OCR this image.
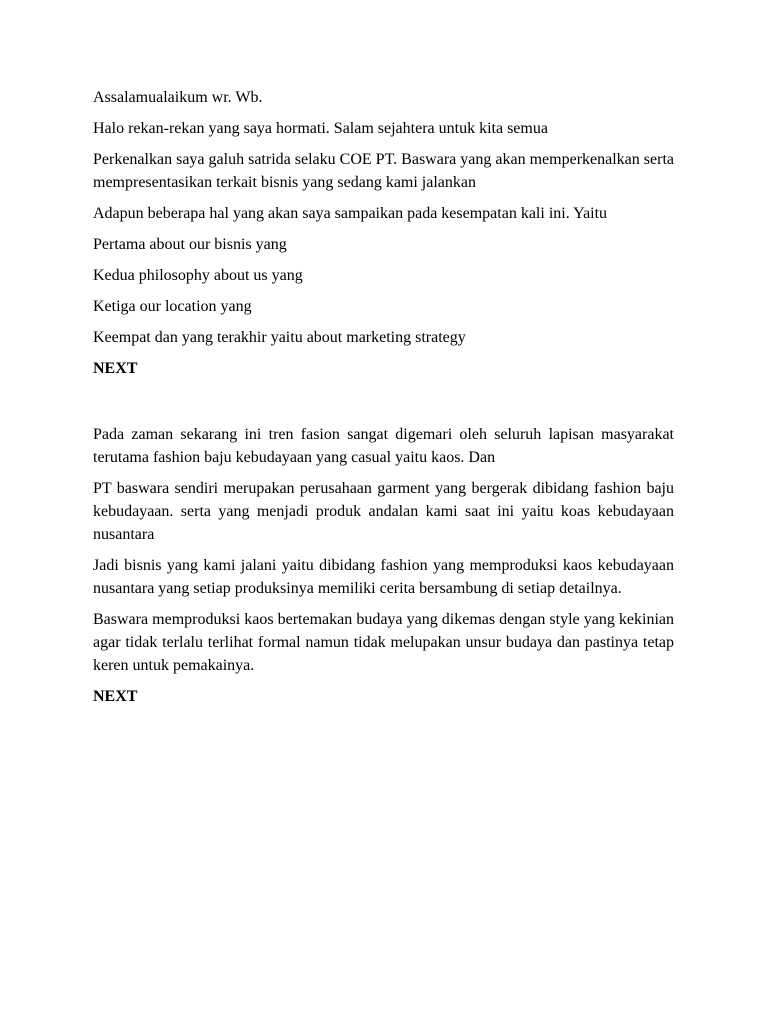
Assalamualaikum wr. Wb.

Halo rekan-rekan yang saya hormati. Salam sejahtera untuk kita semua

Perkenalkan saya galuh satrida selaku COE PT. Baswara yang akan memperkenalkan serta mempresentasikan terkait bisnis yang sedang kami jalankan

Adapun beberapa hal yang akan saya sampaikan pada kesempatan kali ini. Yaitu

Pertama about our bisnis yang

Kedua philosophy about us yang

Ketiga our location yang

Keempat dan yang terakhir yaitu about marketing strategy

NEXT

Pada zaman sekarang ini tren fasion sangat digemari oleh seluruh lapisan masyarakat terutama fashion baju kebudayaan yang casual yaitu kaos. Dan

PT baswara sendiri merupakan perusahaan garment yang bergerak dibidang fashion baju kebudayaan. serta yang menjadi produk andalan kami saat ini yaitu koas kebudayaan nusantara

Jadi bisnis yang kami jalani yaitu dibidang fashion yang memproduksi kaos kebudayaan nusantara yang setiap produksinya memiliki cerita bersambung di setiap detailnya.

Baswara memproduksi kaos bertemakan budaya yang dikemas dengan style yang kekinian agar tidak terlalu terlihat formal namun tidak melupakan unsur budaya dan pastinya tetap keren untuk pemakainya.

NEXT
